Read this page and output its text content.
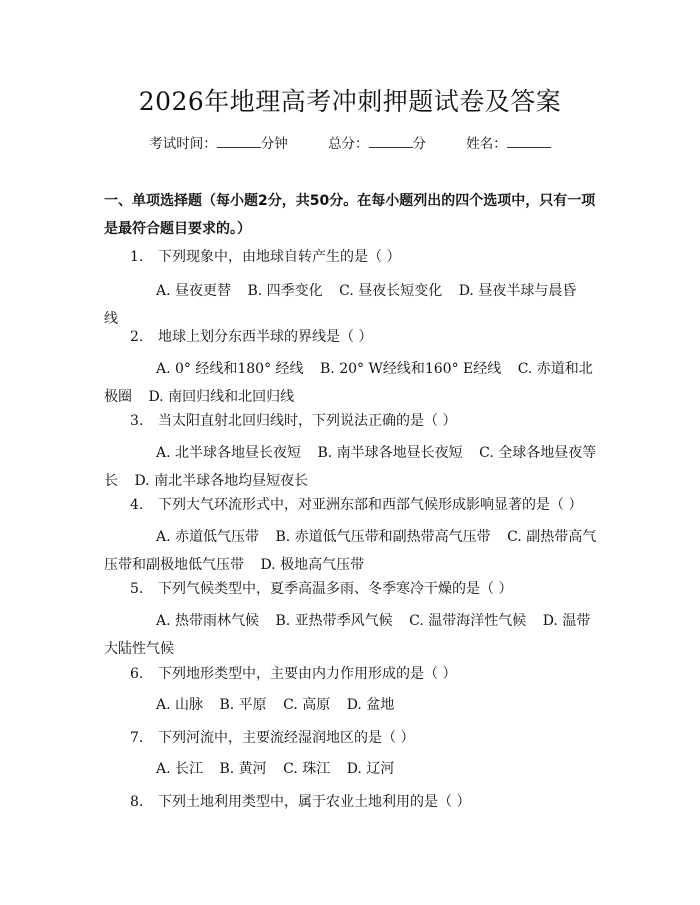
2026年地理高考冲刺押题试卷及答案
考试时间：	分钟	总分：	分	姓名：
一、单项选择题（每小题2分，共50分。在每小题列出的四个选项中，只有一项是最符合题目要求的。）
1. 下列现象中，由地球自转产生的是（ ）
A. 昼夜更替 B. 四季变化 C. 昼夜长短变化 D. 昼夜半球与晨昏线
2. 地球上划分东西半球的界线是（ ）
A. 0° 经线和180° 经线 B. 20° W经线和160° E经线 C. 赤道和北极圈 D. 南回归线和北回归线
3. 当太阳直射北回归线时，下列说法正确的是（ ）
A. 北半球各地昼长夜短 B. 南半球各地昼长夜短 C. 全球各地昼夜等长 D. 南北半球各地均昼短夜长
4. 下列大气环流形式中，对亚洲东部和西部气候形成影响显著的是（ ）
A. 赤道低气压带 B. 赤道低气压带和副热带高气压带 C. 副热带高气压带和副极地低气压带 D. 极地高气压带
5. 下列气候类型中，夏季高温多雨、冬季寒冷干燥的是（ ）
A. 热带雨林气候 B. 亚热带季风气候 C. 温带海洋性气候 D. 温带大陆性气候
6. 下列地形类型中，主要由内力作用形成的是（ ）
A. 山脉 B. 平原 C. 高原 D. 盆地
7. 下列河流中，主要流经湿润地区的是（ ）
A. 长江 B. 黄河 C. 珠江 D. 辽河
8. 下列土地利用类型中，属于农业土地利用的是（ ）
